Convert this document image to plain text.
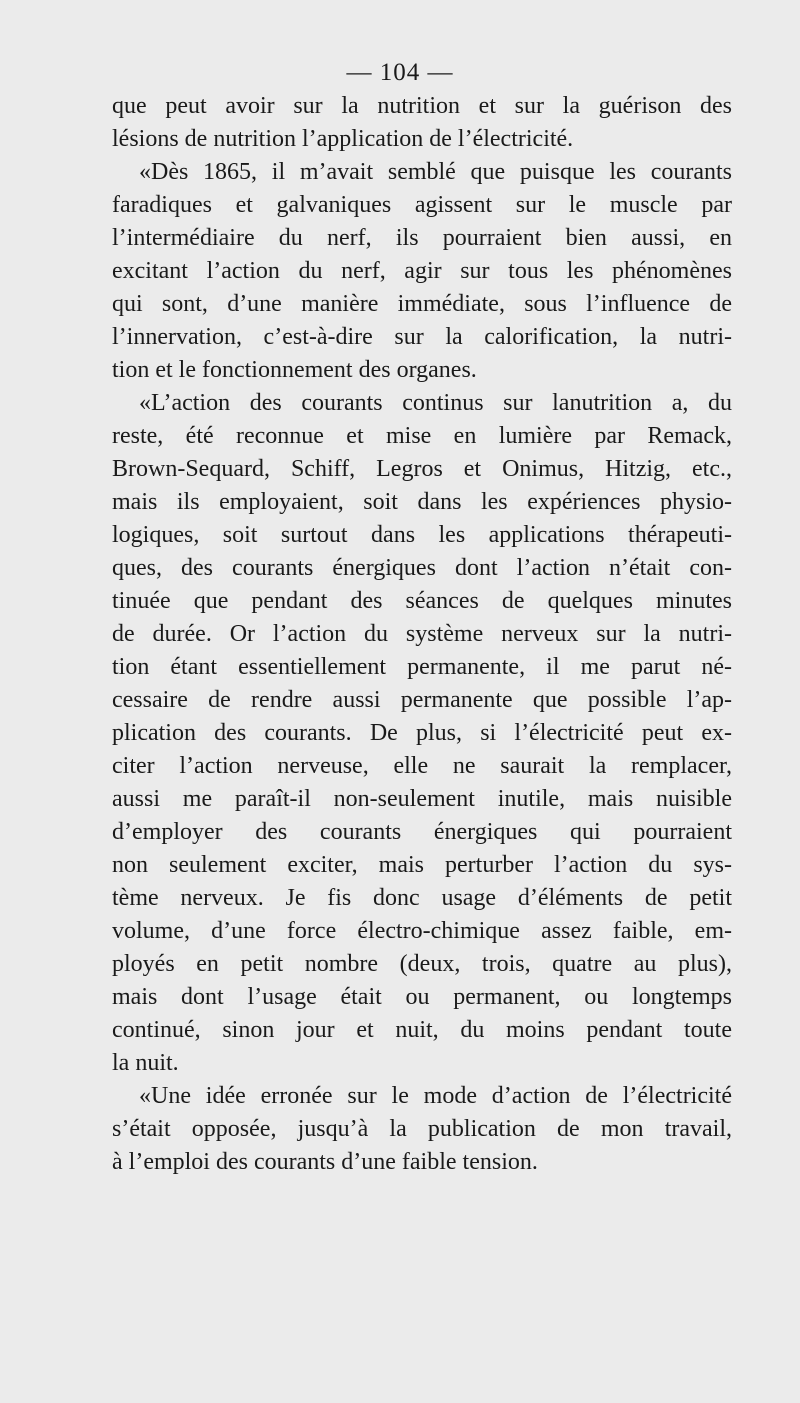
— 104 —
que peut avoir sur la nutrition et sur la guérison des
lésions de nutrition l’application de l’électricité.
«Dès 1865, il m’avait semblé que puisque les courants
faradiques et galvaniques agissent sur le muscle par
l’intermédiaire du nerf, ils pourraient bien aussi, en
excitant l’action du nerf, agir sur tous les phénomènes
qui sont, d’une manière immédiate, sous l’influence de
l’innervation, c’est-à-dire sur la calorification, la nutri-
tion et le fonctionnement des organes.
«L’action des courants continus sur lanutrition a, du
reste, été reconnue et mise en lumière par Remack,
Brown-Sequard, Schiff, Legros et Onimus, Hitzig, etc.,
mais ils employaient, soit dans les expériences physio-
logiques, soit surtout dans les applications thérapeuti-
ques, des courants énergiques dont l’action n’était con-
tinuée que pendant des séances de quelques minutes
de durée. Or l’action du système nerveux sur la nutri-
tion étant essentiellement permanente, il me parut né-
cessaire de rendre aussi permanente que possible l’ap-
plication des courants. De plus, si l’électricité peut ex-
citer l’action nerveuse, elle ne saurait la remplacer,
aussi me paraît-il non-seulement inutile, mais nuisible
d’employer des courants énergiques qui pourraient
non seulement exciter, mais perturber l’action du sys-
tème nerveux. Je fis donc usage d’éléments de petit
volume, d’une force électro-chimique assez faible, em-
ployés en petit nombre (deux, trois, quatre au plus),
mais dont l’usage était ou permanent, ou longtemps
continué, sinon jour et nuit, du moins pendant toute
la nuit.
«Une idée erronée sur le mode d’action de l’électricité
s’était opposée, jusqu’à la publication de mon travail,
à l’emploi des courants d’une faible tension.
